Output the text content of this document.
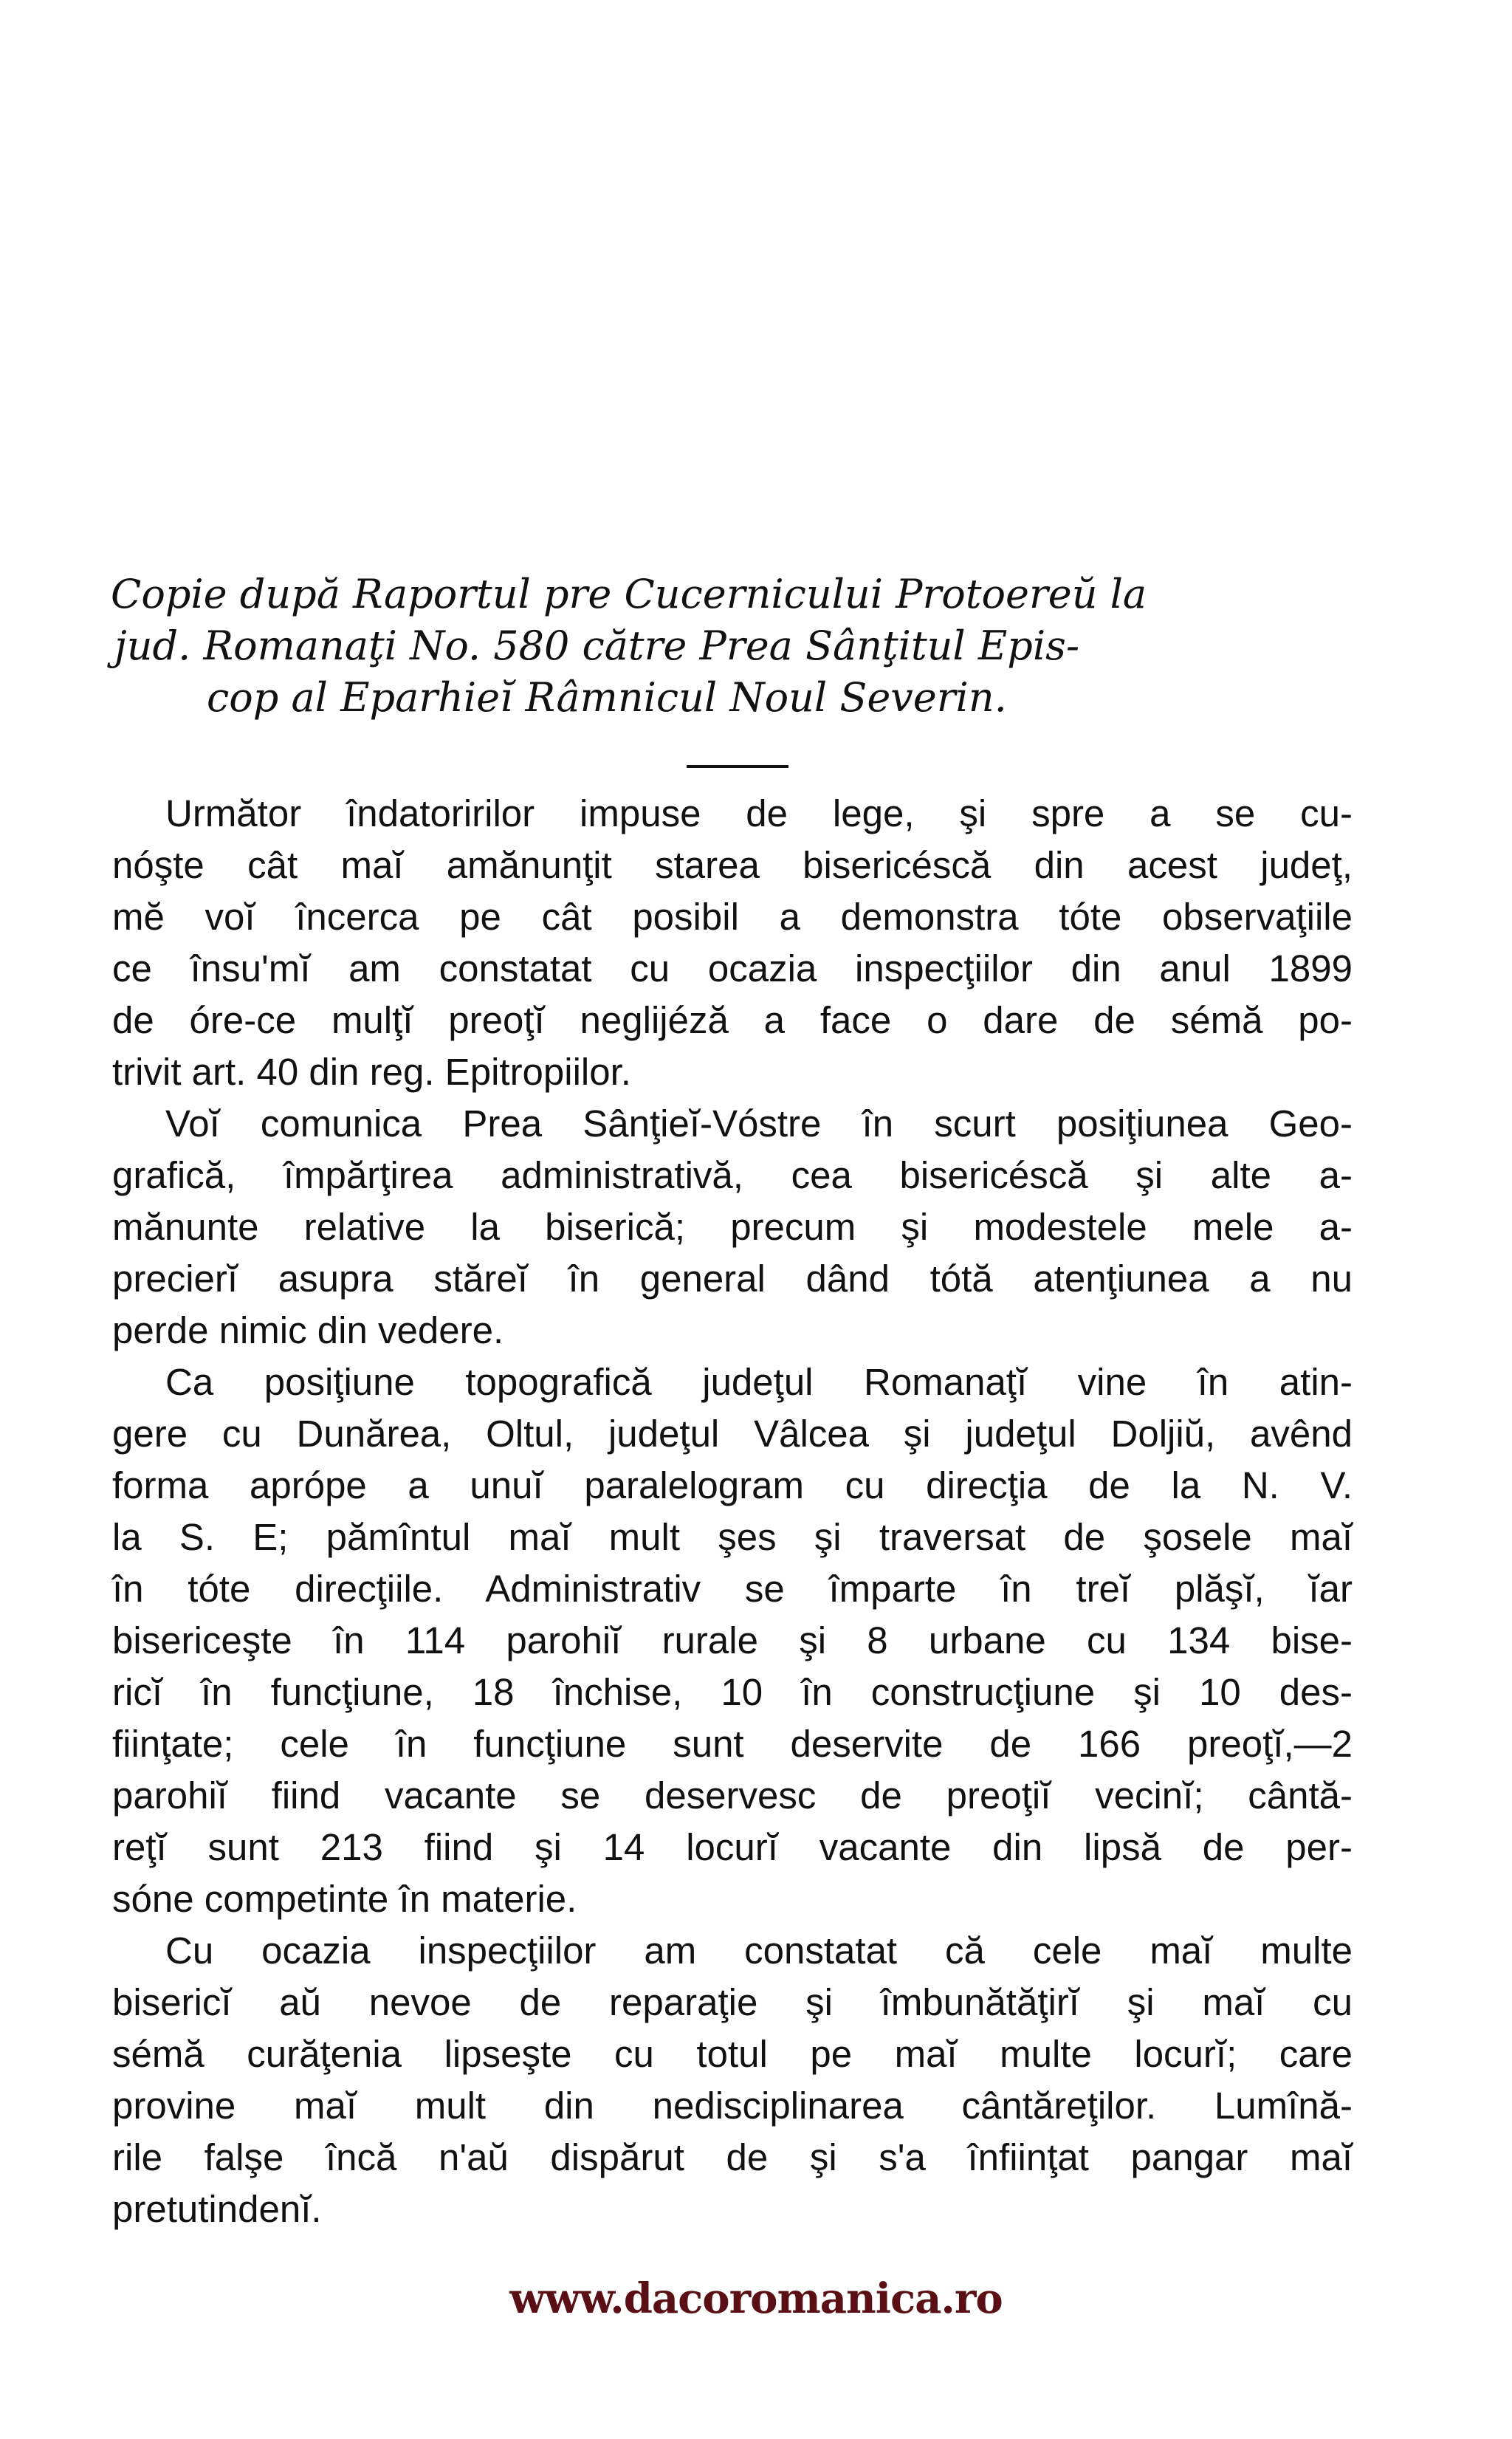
Copie după Raportul pre Cucernicului Protoereŭ la
jud. Romanaţi No. 580 către Prea Sânţitul Epis-
cop al Eparhieĭ Râmnicul Noul Severin.
Următor îndatoririlor impuse de lege, şi spre a se cu-
nóşte cât maĭ amănunţit starea bisericéscă din acest judeţ,
mĕ voĭ încerca pe cât posibil a demonstra tóte observaţiile
ce însu'mĭ am constatat cu ocazia inspecţiilor din anul 1899
de óre-ce mulţĭ preoţĭ neglijéză a face o dare de sémă po-
trivit art. 40 din reg. Epitropiilor.
Voĭ comunica Prea Sânţieĭ-Vóstre în scurt posiţiunea Geo-
grafică, împărţirea administrativă, cea bisericéscă şi alte a-
mănunte relative la biserică; precum şi modestele mele a-
precierĭ asupra stăreĭ în general dând tótă atenţiunea a nu
perde nimic din vedere.
Ca posiţiune topografică judeţul Romanaţĭ vine în atin-
gere cu Dunărea, Oltul, judeţul Vâlcea şi judeţul Doljiŭ, avênd
forma aprópe a unuĭ paralelogram cu direcţia de la N. V.
la S. E; pămîntul maĭ mult şes şi traversat de şosele maĭ
în tóte direcţiile. Administrativ se împarte în treĭ plăşĭ, ĭar
bisericeşte în 114 parohiĭ rurale şi 8 urbane cu 134 bise-
ricĭ în funcţiune, 18 închise, 10 în construcţiune şi 10 des-
fiinţate; cele în funcţiune sunt deservite de 166 preoţĭ,—2
parohiĭ fiind vacante se deservesc de preoţiĭ vecinĭ; cântă-
reţĭ sunt 213 fiind şi 14 locurĭ vacante din lipsă de per-
sóne competinte în materie.
Cu ocazia inspecţiilor am constatat că cele maĭ multe
bisericĭ aŭ nevoe de reparaţie şi îmbunătăţirĭ şi maĭ cu
sémă curăţenia lipseşte cu totul pe maĭ multe locurĭ; care
provine maĭ mult din nedisciplinarea cântăreţilor. Lumînă-
rile falşe încă n'aŭ dispărut de şi s'a înfiinţat pangar maĭ
pretutindenĭ.
www.dacoromanica.ro
